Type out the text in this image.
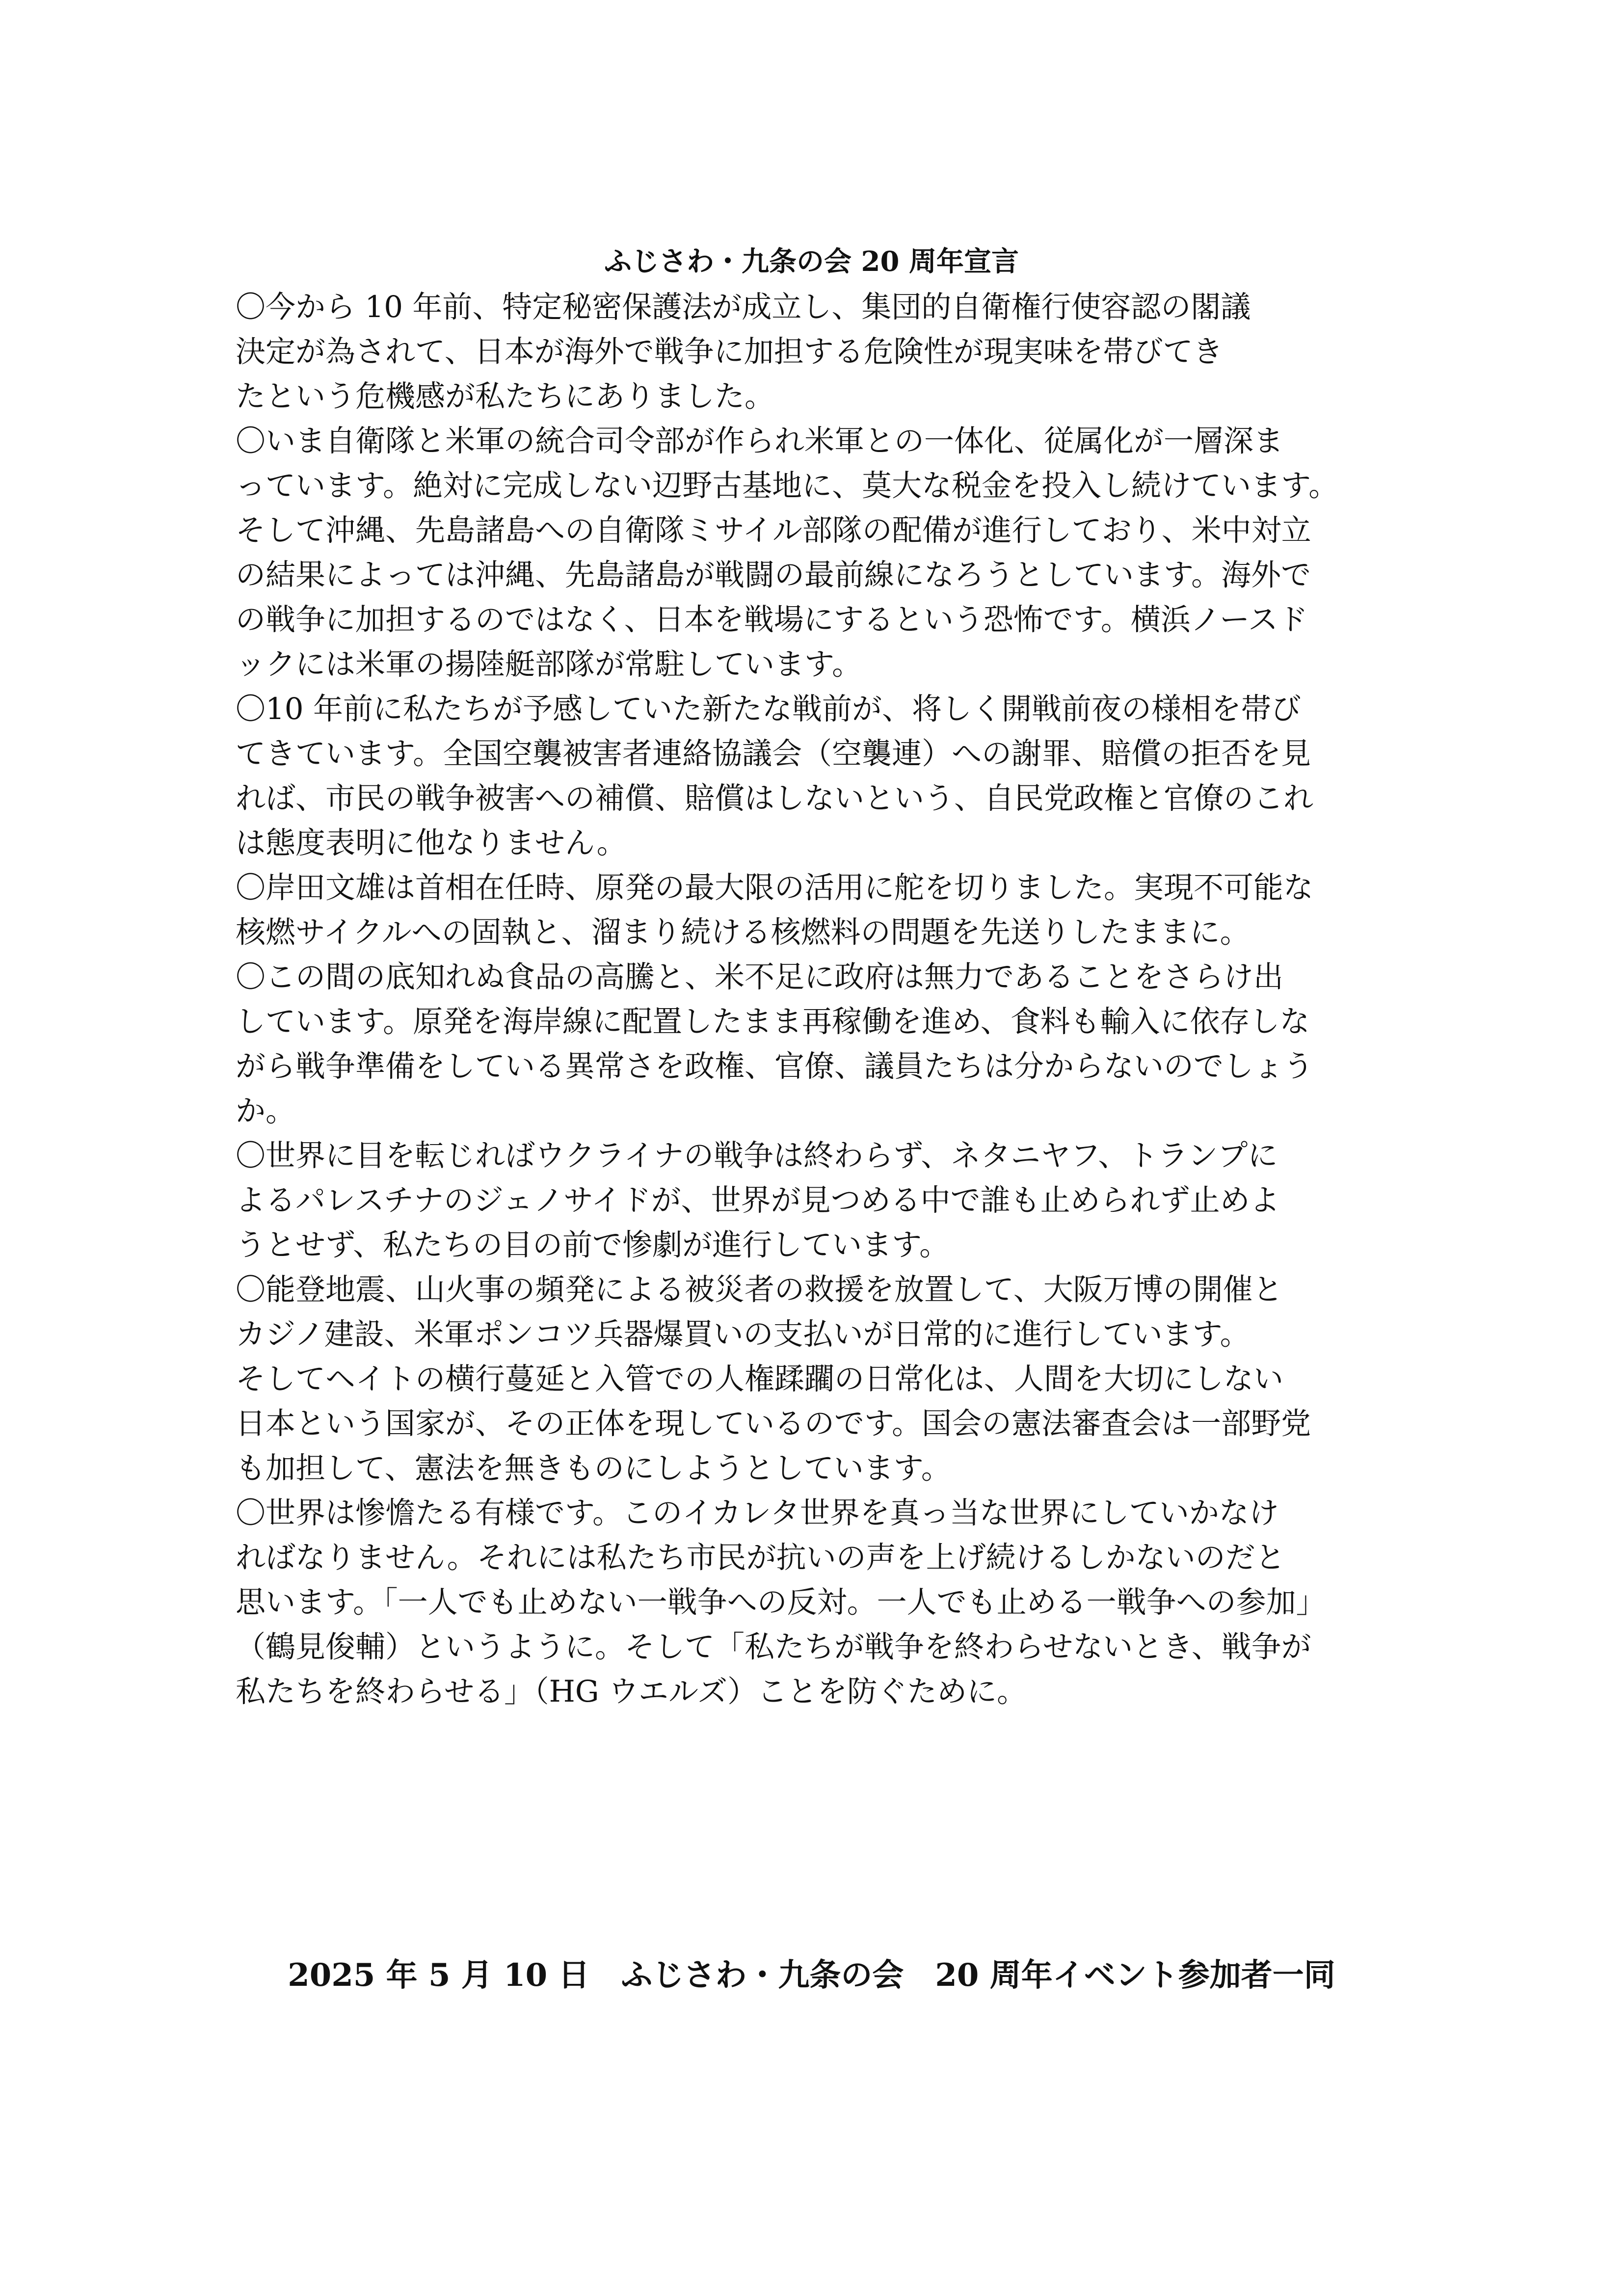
ふじさわ・九条の会 20 周年宣言
〇今から 10 年前、特定秘密保護法が成立し、集団的自衛権行使容認の閣議
決定が為されて、日本が海外で戦争に加担する危険性が現実味を帯びてき
たという危機感が私たちにありました。
〇いま自衛隊と米軍の統合司令部が作られ米軍との一体化、従属化が一層深ま
っています。絶対に完成しない辺野古基地に、莫大な税金を投入し続けています。
そして沖縄、先島諸島への自衛隊ミサイル部隊の配備が進行しており、米中対立
の結果によっては沖縄、先島諸島が戦闘の最前線になろうとしています。海外で
の戦争に加担するのではなく、日本を戦場にするという恐怖です。横浜ノースド
ックには米軍の揚陸艇部隊が常駐しています。
〇10 年前に私たちが予感していた新たな戦前が、将しく開戦前夜の様相を帯び
てきています。全国空襲被害者連絡協議会（空襲連）への謝罪、賠償の拒否を見
れば、市民の戦争被害への補償、賠償はしないという、自民党政権と官僚のこれ
は態度表明に他なりません。
〇岸田文雄は首相在任時、原発の最大限の活用に舵を切りました。実現不可能な
核燃サイクルへの固執と、溜まり続ける核燃料の問題を先送りしたままに。
〇この間の底知れぬ食品の高騰と、米不足に政府は無力であることをさらけ出
しています。原発を海岸線に配置したまま再稼働を進め、食料も輸入に依存しな
がら戦争準備をしている異常さを政権、官僚、議員たちは分からないのでしょう
か。
〇世界に目を転じればウクライナの戦争は終わらず、ネタニヤフ、トランプに
よるパレスチナのジェノサイドが、世界が見つめる中で誰も止められず止めよ
うとせず、私たちの目の前で惨劇が進行しています。
〇能登地震、山火事の頻発による被災者の救援を放置して、大阪万博の開催と
カジノ建設、米軍ポンコツ兵器爆買いの支払いが日常的に進行しています。
そしてヘイトの横行蔓延と入管での人権蹂躙の日常化は、人間を大切にしない
日本という国家が、その正体を現しているのです。国会の憲法審査会は一部野党
も加担して、憲法を無きものにしようとしています。
〇世界は惨憺たる有様です。このイカレタ世界を真っ当な世界にしていかなけ
ればなりません。それには私たち市民が抗いの声を上げ続けるしかないのだと
思います。「一人でも止めない一戦争への反対。一人でも止める一戦争への参加」
（鶴見俊輔）というように。そして「私たちが戦争を終わらせないとき、戦争が
私たちを終わらせる」（HG ウエルズ）ことを防ぐために。
2025 年 5 月 10 日　ふじさわ・九条の会　20 周年イベント参加者一同
